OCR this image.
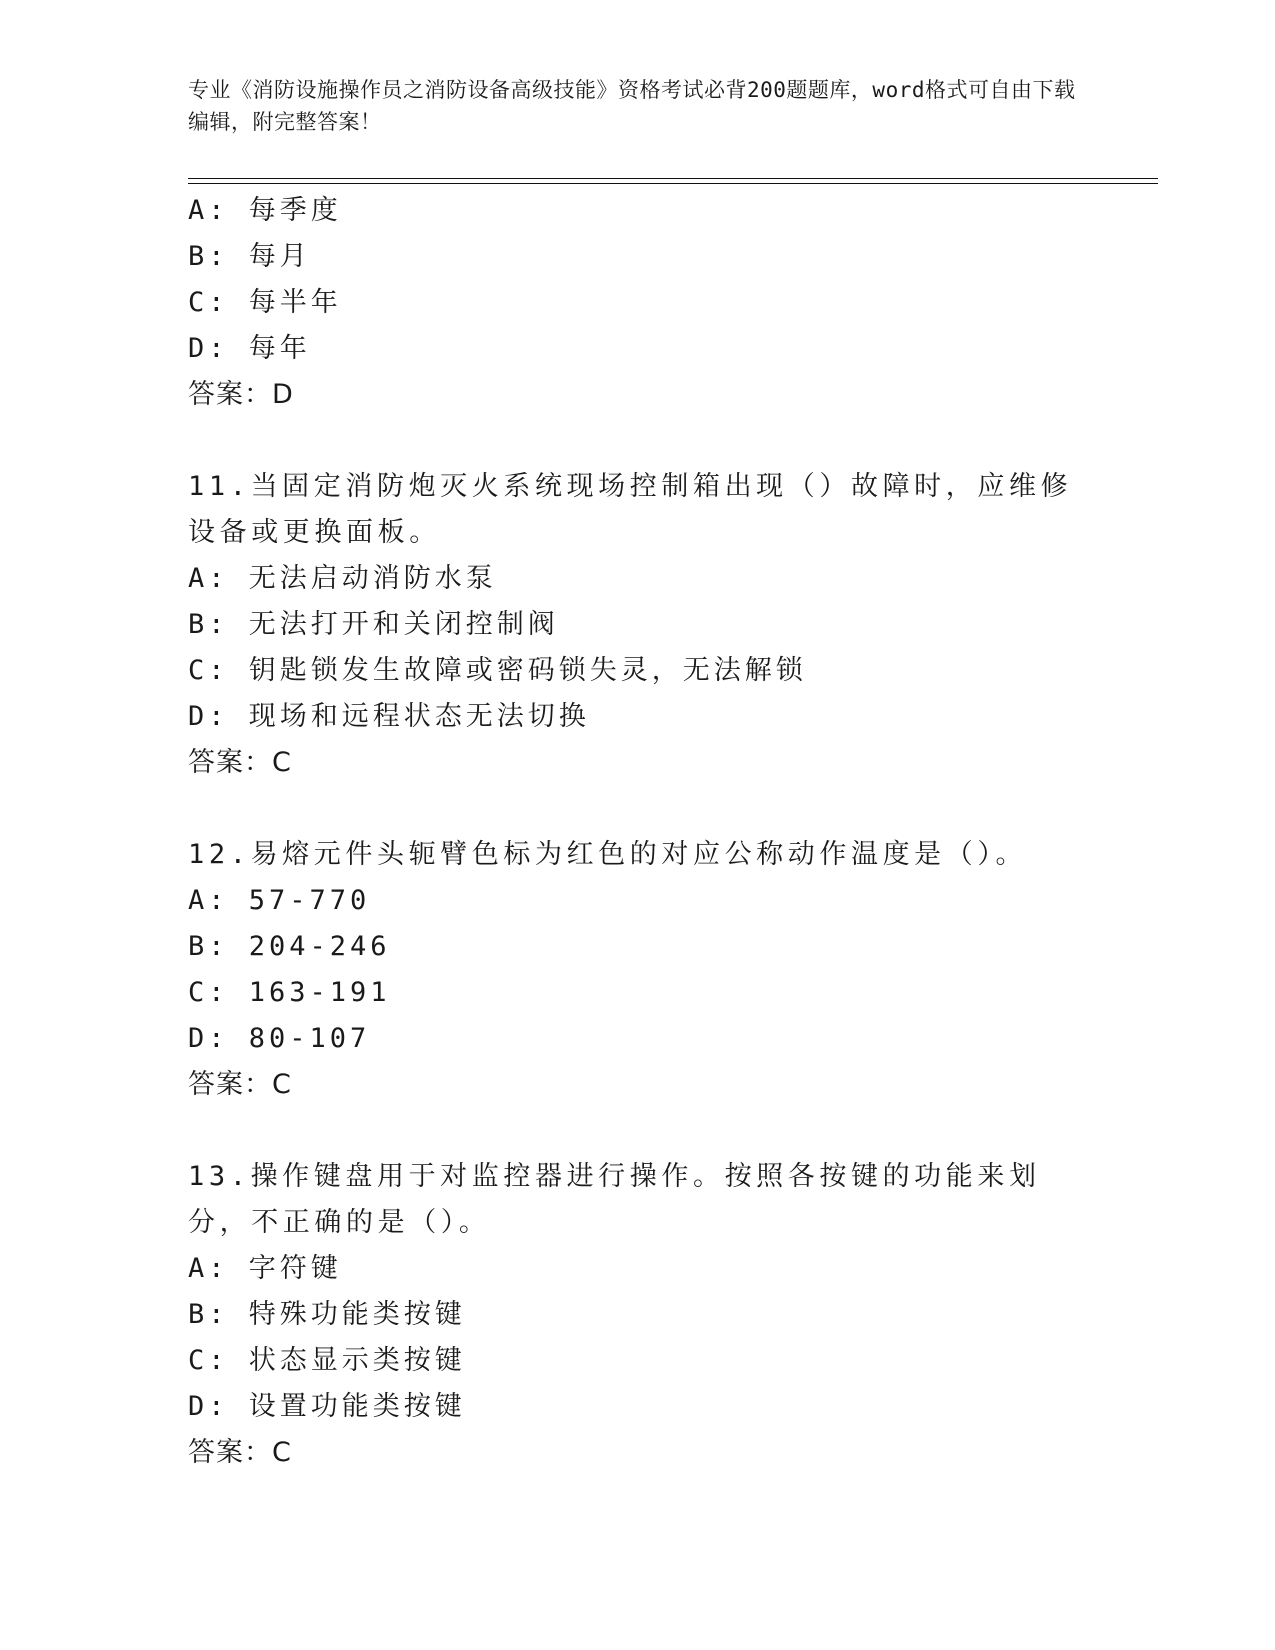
专业《消防设施操作员之消防设备高级技能》资格考试必背200题题库，word格式可自由下载编辑，附完整答案！
A: 每季度
B: 每月
C: 每半年
D: 每年
答案：D
11.当固定消防炮灭火系统现场控制箱出现（）故障时，应维修设备或更换面板。
A: 无法启动消防水泵
B: 无法打开和关闭控制阀
C: 钥匙锁发生故障或密码锁失灵，无法解锁
D: 现场和远程状态无法切换
答案：C
12.易熔元件头轭臂色标为红色的对应公称动作温度是（）。
A: 57-770
B: 204-246
C: 163-191
D: 80-107
答案：C
13.操作键盘用于对监控器进行操作。按照各按键的功能来划分，不正确的是（）。
A: 字符键
B: 特殊功能类按键
C: 状态显示类按键
D: 设置功能类按键
答案：C
